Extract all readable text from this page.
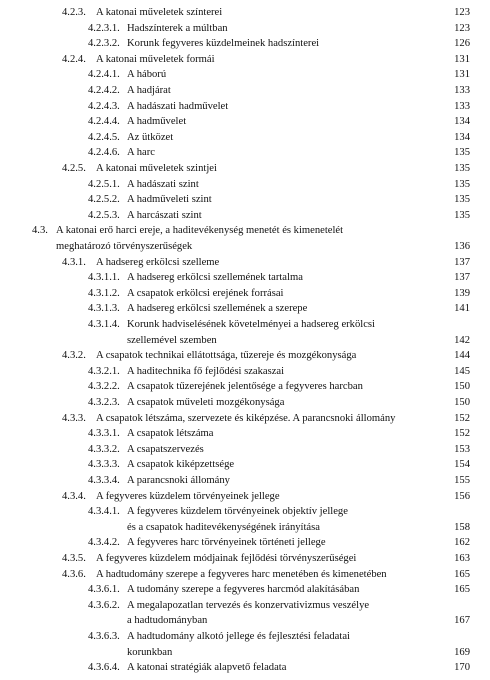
4.2.3. A katonai műveletek színterei	123
4.2.3.1. Hadszínterek a múltban	123
4.2.3.2. Korunk fegyveres küzdelmeinek hadszínterei	126
4.2.4. A katonai műveletek formái	131
4.2.4.1. A háború	131
4.2.4.2. A hadjárat	133
4.2.4.3. A hadászati hadművelet	133
4.2.4.4. A hadművelet	134
4.2.4.5. Az ütközet	134
4.2.4.6. A harc	135
4.2.5. A katonai műveletek szintjei	135
4.2.5.1. A hadászati szint	135
4.2.5.2. A hadműveleti szint	135
4.2.5.3. A harcászati szint	135
4.3. A katonai erő harci ereje, a haditevékenység menetét és kimenetelét
meghatározó törvényszerűségek	136
4.3.1. A hadsereg erkölcsi szelleme	137
4.3.1.1. A hadsereg erkölcsi szellemének tartalma	137
4.3.1.2. A csapatok erkölcsi erejének forrásai	139
4.3.1.3. A hadsereg erkölcsi szellemének a szerepe	141
4.3.1.4. Korunk hadviselésének követelményei a hadsereg erkölcsi
szellemével szemben	142
4.3.2. A csapatok technikai ellátottsága, tűzereje és mozgékonysága	144
4.3.2.1. A haditechnika fő fejlődési szakaszai	145
4.3.2.2. A csapatok tűzerejének jelentősége a fegyveres harcban	150
4.3.2.3. A csapatok műveleti mozgékonysága	150
4.3.3. A csapatok létszáma, szervezete és kiképzése. A parancsnoki állomány	152
4.3.3.1. A csapatok létszáma	152
4.3.3.2. A csapatszervezés	153
4.3.3.3. A csapatok kiképzettsége	154
4.3.3.4. A parancsnoki állomány	155
4.3.4. A fegyveres küzdelem törvényeinek jellege	156
4.3.4.1. A fegyveres küzdelem törvényeinek objektív jellege
és a csapatok haditevékenységének irányítása	158
4.3.4.2. A fegyveres harc törvényeinek történeti jellege	162
4.3.5. A fegyveres küzdelem módjainak fejlődési törvényszerűségei	163
4.3.6. A hadtudomány szerepe a fegyveres harc menetében és kimenetében	165
4.3.6.1. A tudomány szerepe a fegyveres harcmód alakításában	165
4.3.6.2. A megalapozatlan tervezés és konzervativizmus veszélye
a hadtudományban	167
4.3.6.3. A hadtudomány alkotó jellege és fejlesztési feladatai
korunkban	169
4.3.6.4. A katonai stratégiák alapvető feladata	170
